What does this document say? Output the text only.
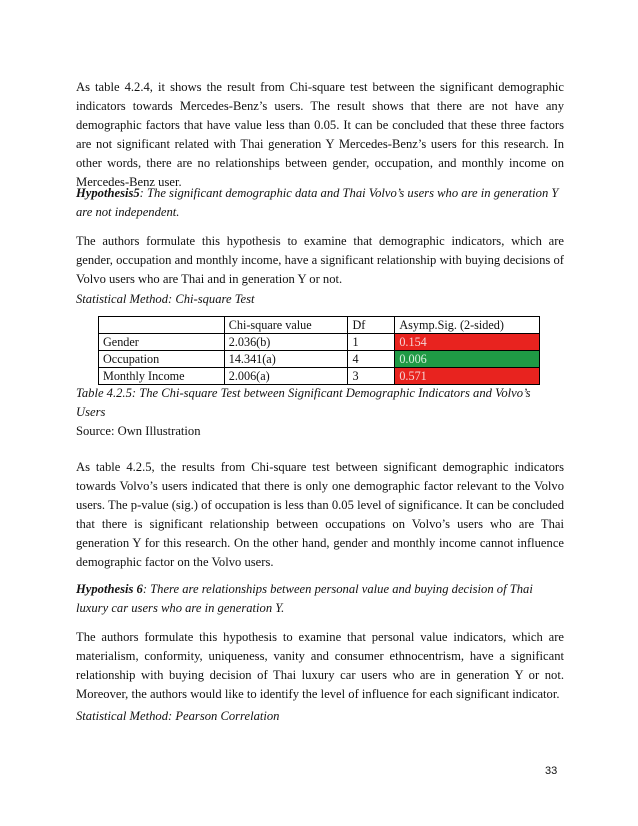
As table 4.2.4, it shows the result from Chi-square test between the significant demographic
indicators towards Mercedes-Benz’s users. The result shows that there are not have any
demographic factors that have value less than 0.05. It can be concluded that these three factors
are not significant related with Thai generation Y Mercedes-Benz’s users for this research. In
other words, there are no relationships between gender, occupation, and monthly income on
Mercedes-Benz user.

Hypothesis5: The significant demographic data and Thai Volvo’s users who are in generation Y
are not independent.

The authors formulate this hypothesis to examine that demographic indicators, which are
gender, occupation and monthly income, have a significant relationship with buying decisions of
Volvo users who are Thai and in generation Y or not.

Statistical Method: Chi-square Test

	Chi-square value	Df	Asymp.Sig. (2-sided)
Gender	2.036(b)	1	0.154
Occupation	14.341(a)	4	0.006
Monthly Income	2.006(a)	3	0.571

Table 4.2.5: The Chi-square Test between Significant Demographic Indicators and Volvo’s
Users

Source: Own Illustration

As table 4.2.5, the results from Chi-square test between significant demographic indicators
towards Volvo’s users indicated that there is only one demographic factor relevant to the Volvo
users. The p-value (sig.) of occupation is less than 0.05 level of significance. It can be concluded
that there is significant relationship between occupations on Volvo’s users who are Thai
generation Y for this research. On the other hand, gender and monthly income cannot influence
demographic factor on the Volvo users.

Hypothesis 6: There are relationships between personal value and buying decision of Thai
luxury car users who are in generation Y.

The authors formulate this hypothesis to examine that personal value indicators, which are
materialism, conformity, uniqueness, vanity and consumer ethnocentrism, have a significant
relationship with buying decision of Thai luxury car users who are in generation Y or not.
Moreover, the authors would like to identify the level of influence for each significant indicator.

Statistical Method: Pearson Correlation

33
